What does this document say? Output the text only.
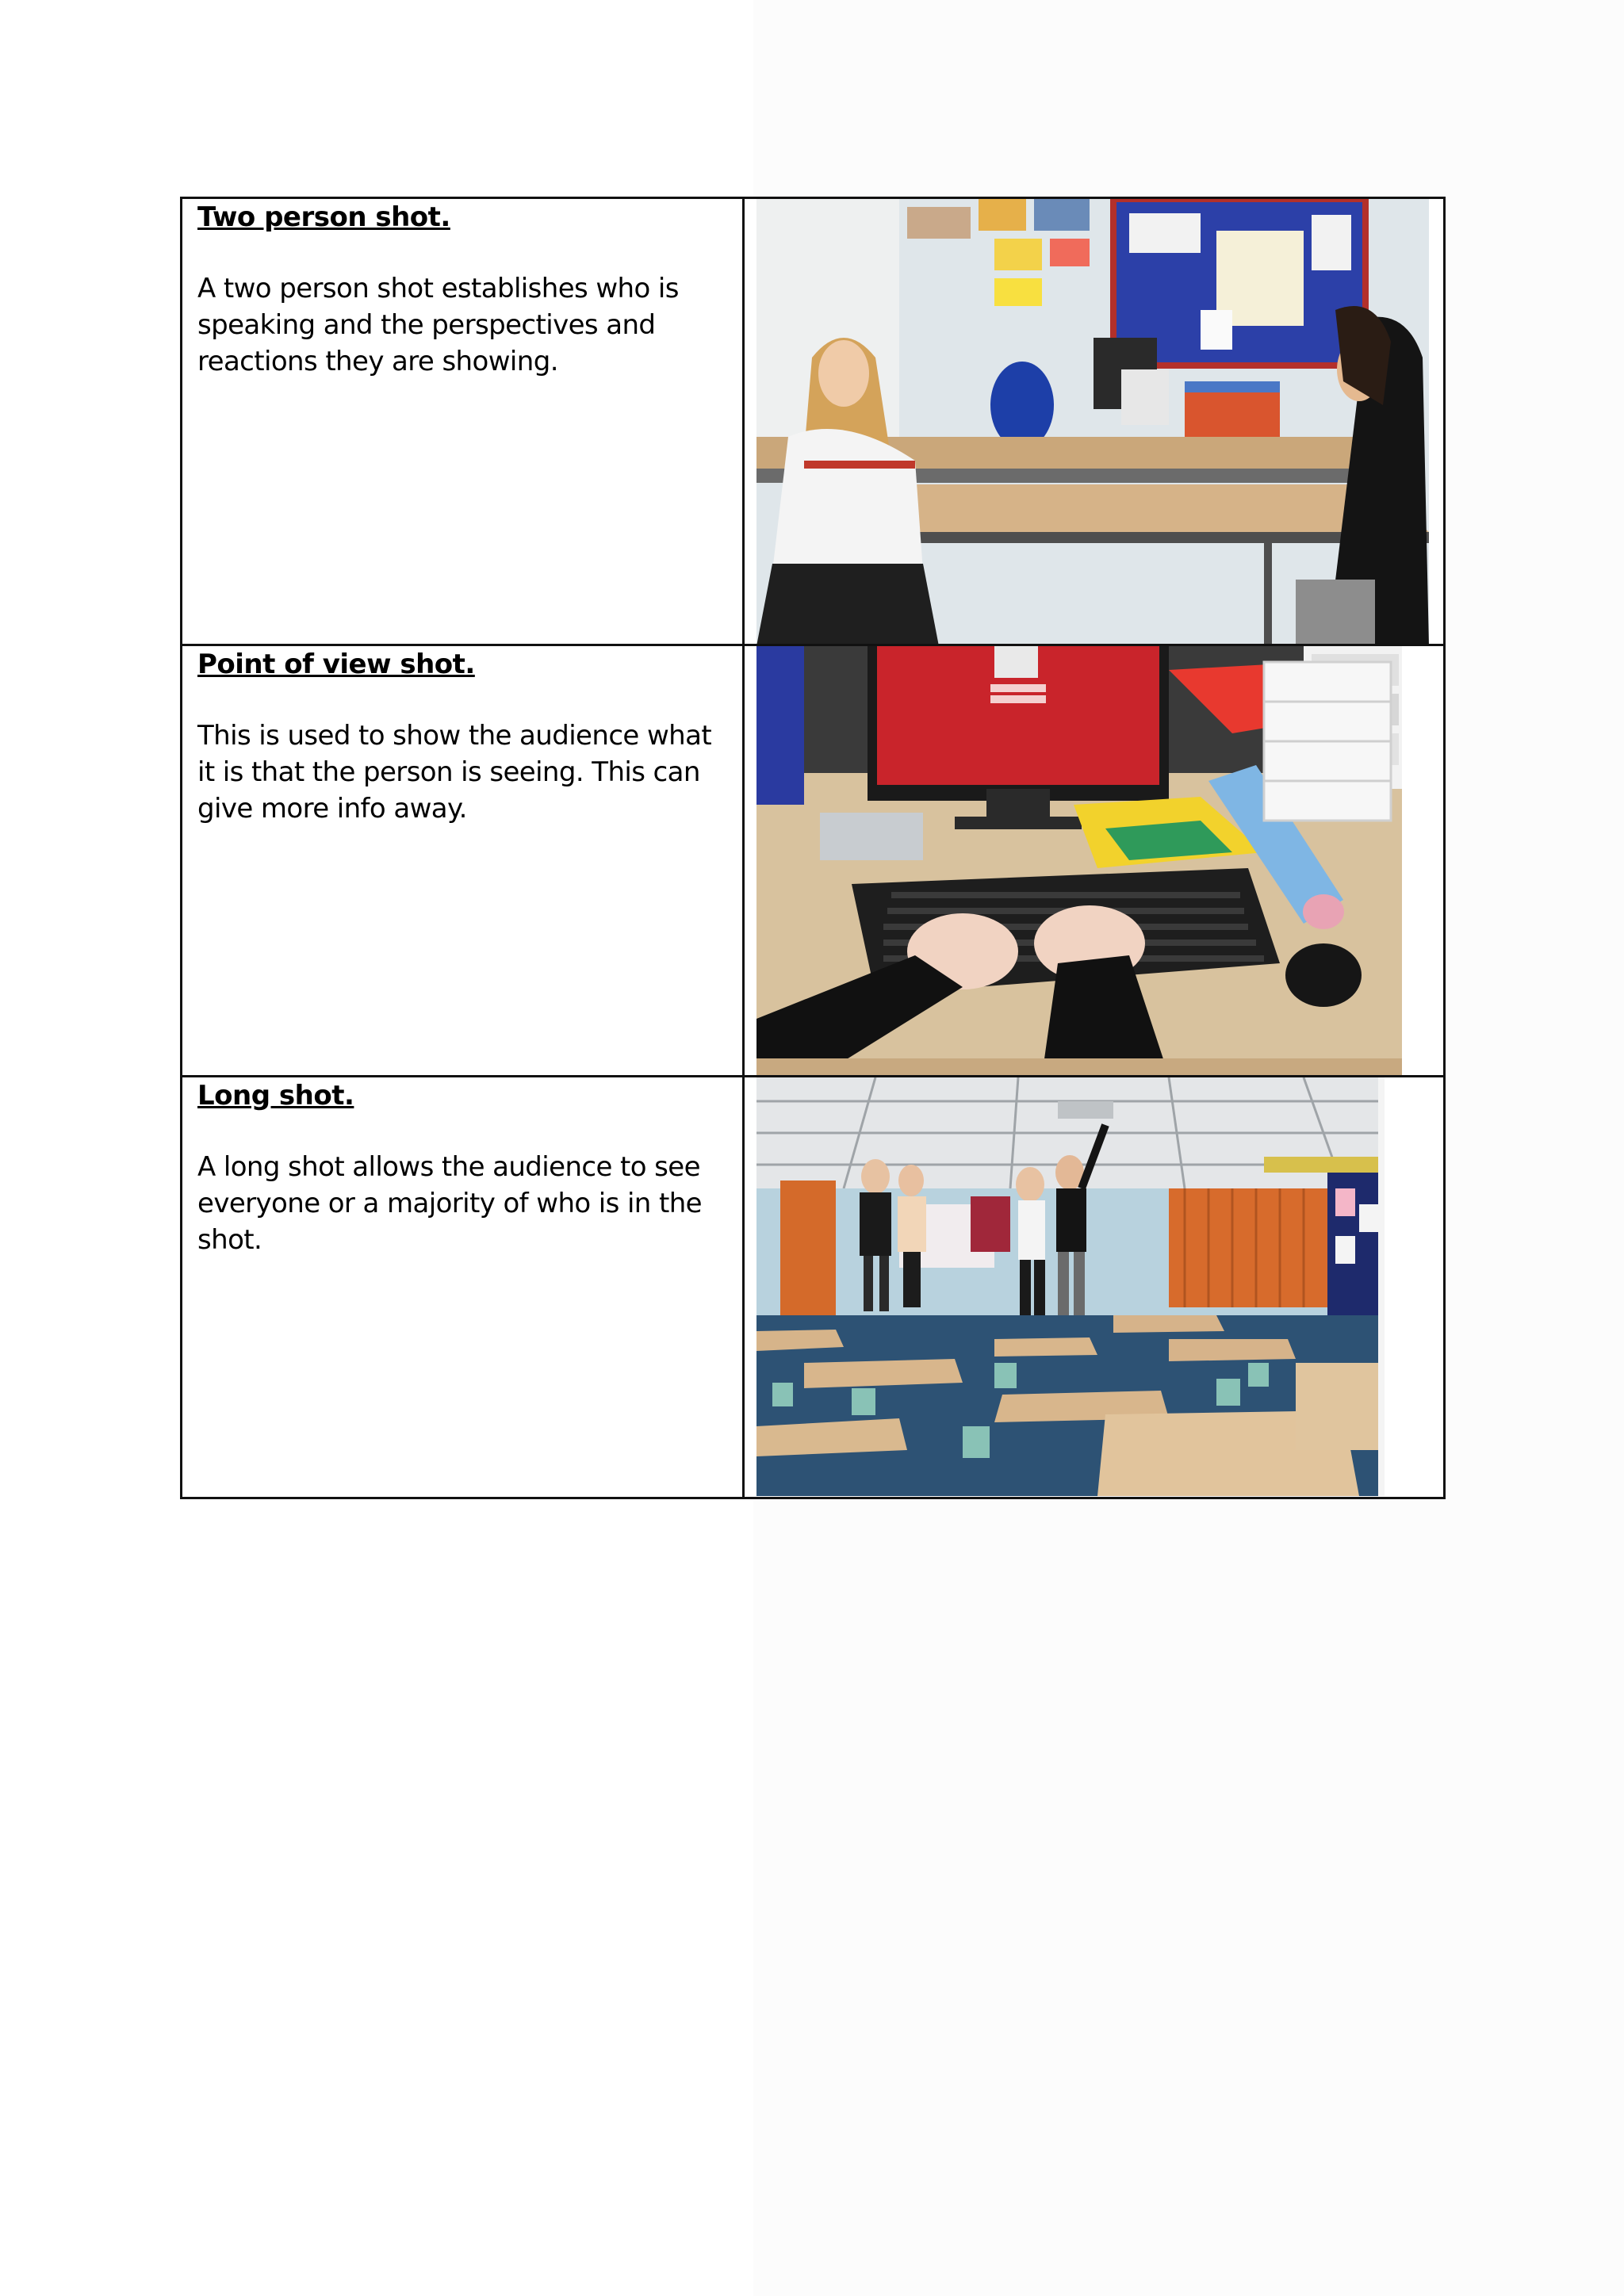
Two person shot.

A two person shot establishes who is speaking and the perspectives and reactions they are showing.

Point of view shot.

This is used to show the audience what it is that the person is seeing. This can give more info away.

Long shot.

A long shot allows the audience to see everyone or a majority of who is in the shot.
